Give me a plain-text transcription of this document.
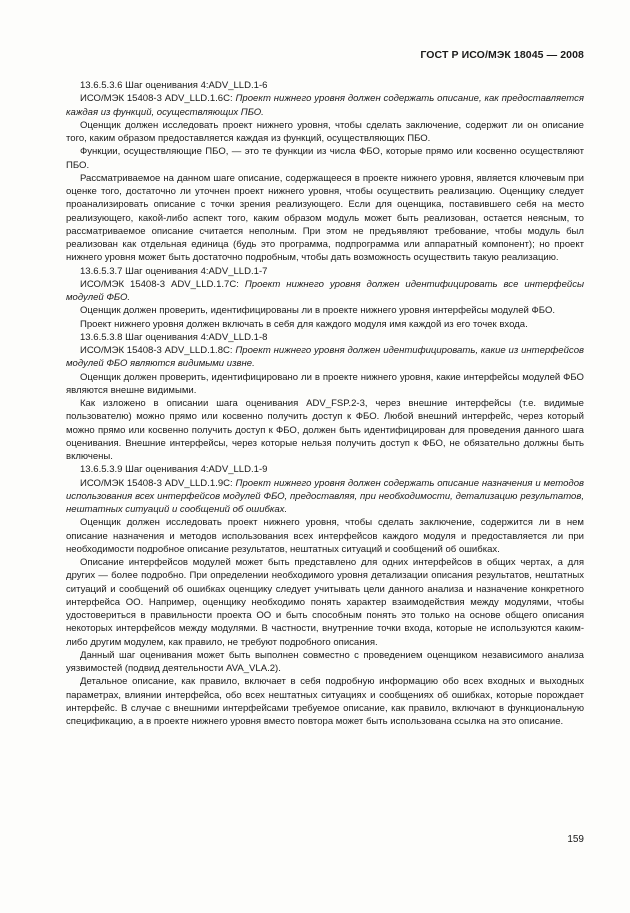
ГОСТ Р ИСО/МЭК 18045 — 2008

13.6.5.3.6 Шаг оценивания 4:ADV_LLD.1-6

ИСО/МЭК 15408-3 ADV_LLD.1.6С: Проект нижнего уровня должен содержать описание, как предоставляется каждая из функций, осуществляющих ПБО.

Оценщик должен исследовать проект нижнего уровня, чтобы сделать заключение, содержит ли он описание того, каким образом предоставляется каждая из функций, осуществляющих ПБО.

Функции, осуществляющие ПБО, — это те функции из числа ФБО, которые прямо или косвенно осуществляют ПБО.

Рассматриваемое на данном шаге описание, содержащееся в проекте нижнего уровня, является ключевым при оценке того, достаточно ли уточнен проект нижнего уровня, чтобы осуществить реализацию. Оценщику следует проанализировать описание с точки зрения реализующего. Если для оценщика, поставившего себя на место реализующего, какой-либо аспект того, каким образом модуль может быть реализован, остается неясным, то рассматриваемое описание считается неполным. При этом не предъявляют требование, чтобы модуль был реализован как отдельная единица (будь это программа, подпрограмма или аппаратный компонент); но проект нижнего уровня может быть достаточно подробным, чтобы дать возможность осуществить такую реализацию.

13.6.5.3.7 Шаг оценивания 4:ADV_LLD.1-7

ИСО/МЭК 15408-3 ADV_LLD.1.7С: Проект нижнего уровня должен идентифицировать все интерфейсы модулей ФБО.

Оценщик должен проверить, идентифицированы ли в проекте нижнего уровня интерфейсы модулей ФБО.

Проект нижнего уровня должен включать в себя для каждого модуля имя каждой из его точек входа.

13.6.5.3.8 Шаг оценивания 4:ADV_LLD.1-8

ИСО/МЭК 15408-3 ADV_LLD.1.8С: Проект нижнего уровня должен идентифицировать, какие из интерфейсов модулей ФБО являются видимыми извне.

Оценщик должен проверить, идентифицировано ли в проекте нижнего уровня, какие интерфейсы модулей ФБО являются внешне видимыми.

Как изложено в описании шага оценивания ADV_FSP.2-3, через внешние интерфейсы (т.е. видимые пользователю) можно прямо или косвенно получить доступ к ФБО. Любой внешний интерфейс, через который можно прямо или косвенно получить доступ к ФБО, должен быть идентифицирован для проведения данного шага оценивания. Внешние интерфейсы, через которые нельзя получить доступ к ФБО, не обязательно должны быть включены.

13.6.5.3.9 Шаг оценивания 4:ADV_LLD.1-9

ИСО/МЭК 15408-3 ADV_LLD.1.9С: Проект нижнего уровня должен содержать описание назначения и методов использования всех интерфейсов модулей ФБО, предоставляя, при необходимости, детализацию результатов, нештатных ситуаций и сообщений об ошибках.

Оценщик должен исследовать проект нижнего уровня, чтобы сделать заключение, содержится ли в нем описание назначения и методов использования всех интерфейсов каждого модуля и предоставляется ли при необходимости подробное описание результатов, нештатных ситуаций и сообщений об ошибках.

Описание интерфейсов модулей может быть представлено для одних интерфейсов в общих чертах, а для других — более подробно. При определении необходимого уровня детализации описания результатов, нештатных ситуаций и сообщений об ошибках оценщику следует учитывать цели данного анализа и назначение конкретного интерфейса ОО. Например, оценщику необходимо понять характер взаимодействия между модулями, чтобы удостовериться в правильности проекта ОО и быть способным понять это только на основе общего описания некоторых интерфейсов между модулями. В частности, внутренние точки входа, которые не используются каким-либо другим модулем, как правило, не требуют подробного описания.

Данный шаг оценивания может быть выполнен совместно с проведением оценщиком независимого анализа уязвимостей (подвид деятельности AVA_VLA.2).

Детальное описание, как правило, включает в себя подробную информацию обо всех входных и выходных параметрах, влиянии интерфейса, обо всех нештатных ситуациях и сообщениях об ошибках, которые порождает интерфейс. В случае с внешними интерфейсами требуемое описание, как правило, включают в функциональную спецификацию, а в проекте нижнего уровня вместо повтора может быть использована ссылка на это описание.

159
